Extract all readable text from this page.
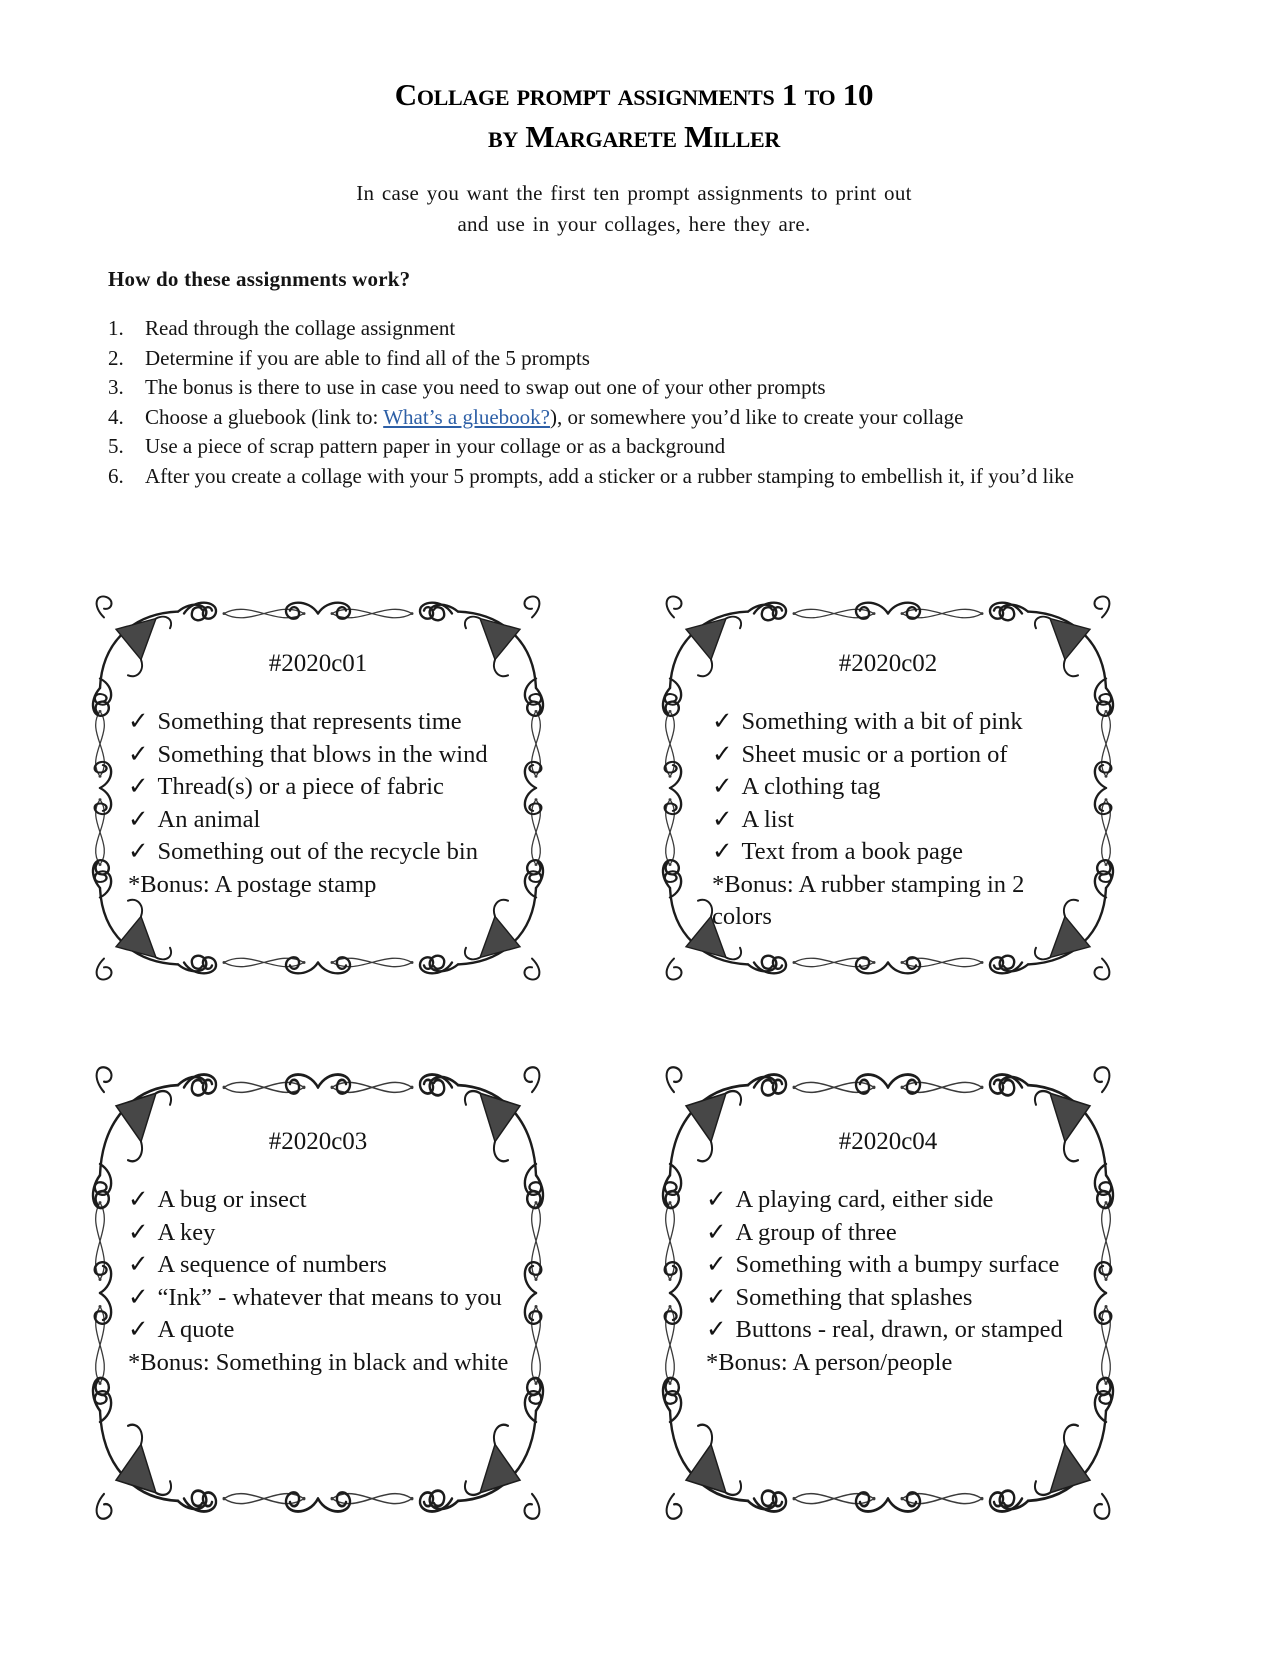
Collage prompt assignments 1 to 10
by Margarete Miller
In case you want the first ten prompt assignments to print out
and use in your collages, here they are.
How do these assignments work?
1.	Read through the collage assignment
2.	Determine if you are able to find all of the 5 prompts
3.	The bonus is there to use in case you need to swap out one of your other prompts
4.	Choose a gluebook (link to: What’s a gluebook?), or somewhere you’d like to create your collage
5.	Use a piece of scrap pattern paper in your collage or as a background
6.	After you create a collage with your 5 prompts, add a sticker or a rubber stamping to embellish it, if you’d like
#2020c01
✓ Something that represents time
✓ Something that blows in the wind
✓ Thread(s) or a piece of fabric
✓ An animal
✓ Something out of the recycle bin
*Bonus: A postage stamp
#2020c02
✓ Something with a bit of pink
✓ Sheet music or a portion of
✓ A clothing tag
✓ A list
✓ Text from a book page
*Bonus: A rubber stamping in 2 colors
#2020c03
✓ A bug or insect
✓ A key
✓ A sequence of numbers
✓ “Ink” - whatever that means to you
✓ A quote
*Bonus: Something in black and white
#2020c04
✓ A playing card, either side
✓ A group of three
✓ Something with a bumpy surface
✓ Something that splashes
✓ Buttons - real, drawn, or stamped
*Bonus: A person/people
